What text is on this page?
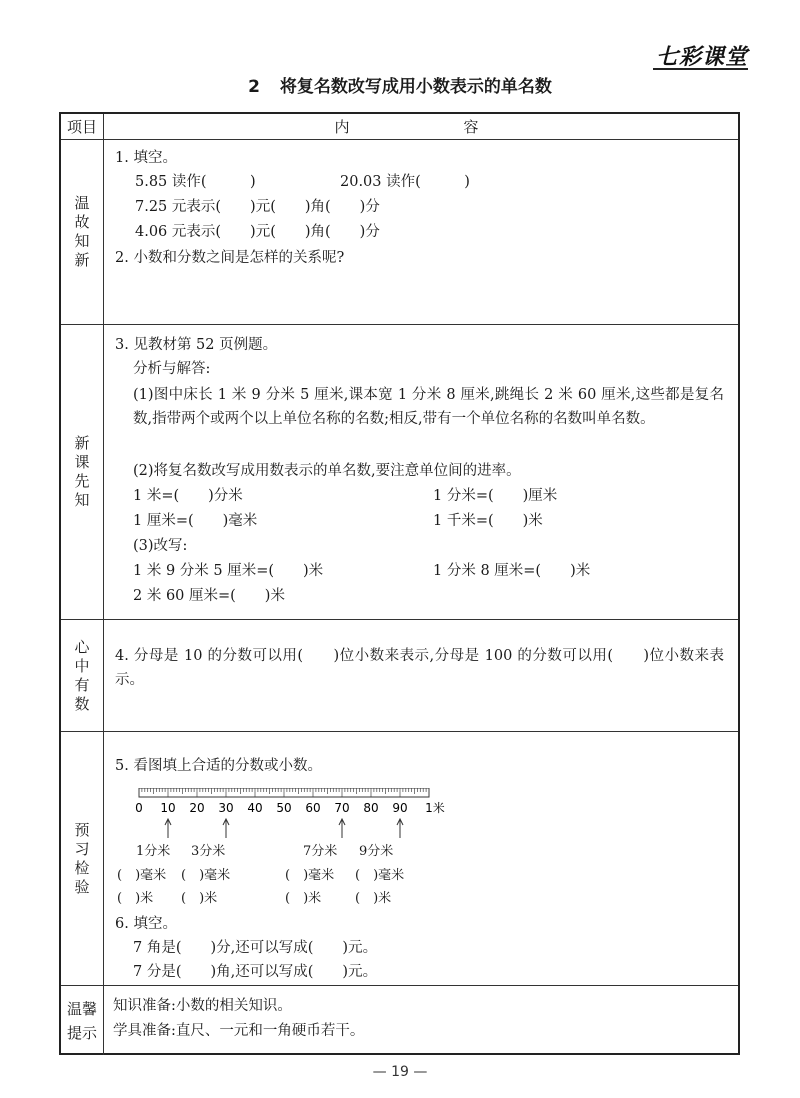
七彩课堂
2 将复名数改写成用小数表示的单名数
项目	内　　容
温故知新
1. 填空。
5.85 读作(　　　)	20.03 读作(　　　)
7.25 元表示(　　)元(　　)角(　　)分
4.06 元表示(　　)元(　　)角(　　)分
2. 小数和分数之间是怎样的关系呢?
新课先知
3. 见教材第 52 页例题。
分析与解答:
(1)图中床长 1 米 9 分米 5 厘米,课本宽 1 分米 8 厘米,跳绳长 2 米 60 厘米,这些都是复名数,指带两个或两个以上单位名称的名数;相反,带有一个单位名称的名数叫单名数。
(2)将复名数改写成用数表示的单名数,要注意单位间的进率。
1 米=(　　)分米	1 分米=(　　)厘米
1 厘米=(　　)毫米	1 千米=(　　)米
(3)改写:
1 米 9 分米 5 厘米=(　　)米	1 分米 8 厘米=(　　)米
2 米 60 厘米=(　　)米
心中有数
4. 分母是 10 的分数可以用(　　)位小数来表示,分母是 100 的分数可以用(　　)位小数来表示。
预习检验
5. 看图填上合适的分数或小数。
0 10 20 30 40 50 60 70 80 90 1米
1分米 3分米	7分米 9分米
(　)毫米 (　)毫米	(　)毫米 (　)毫米
(　)米 (　)米	(　)米	(　)米
6. 填空。
7 角是(　　)分,还可以写成(　　)元。
7 分是(　　)角,还可以写成(　　)元。
温馨提示
知识准备:小数的相关知识。
学具准备:直尺、一元和一角硬币若干。
— 19 —
